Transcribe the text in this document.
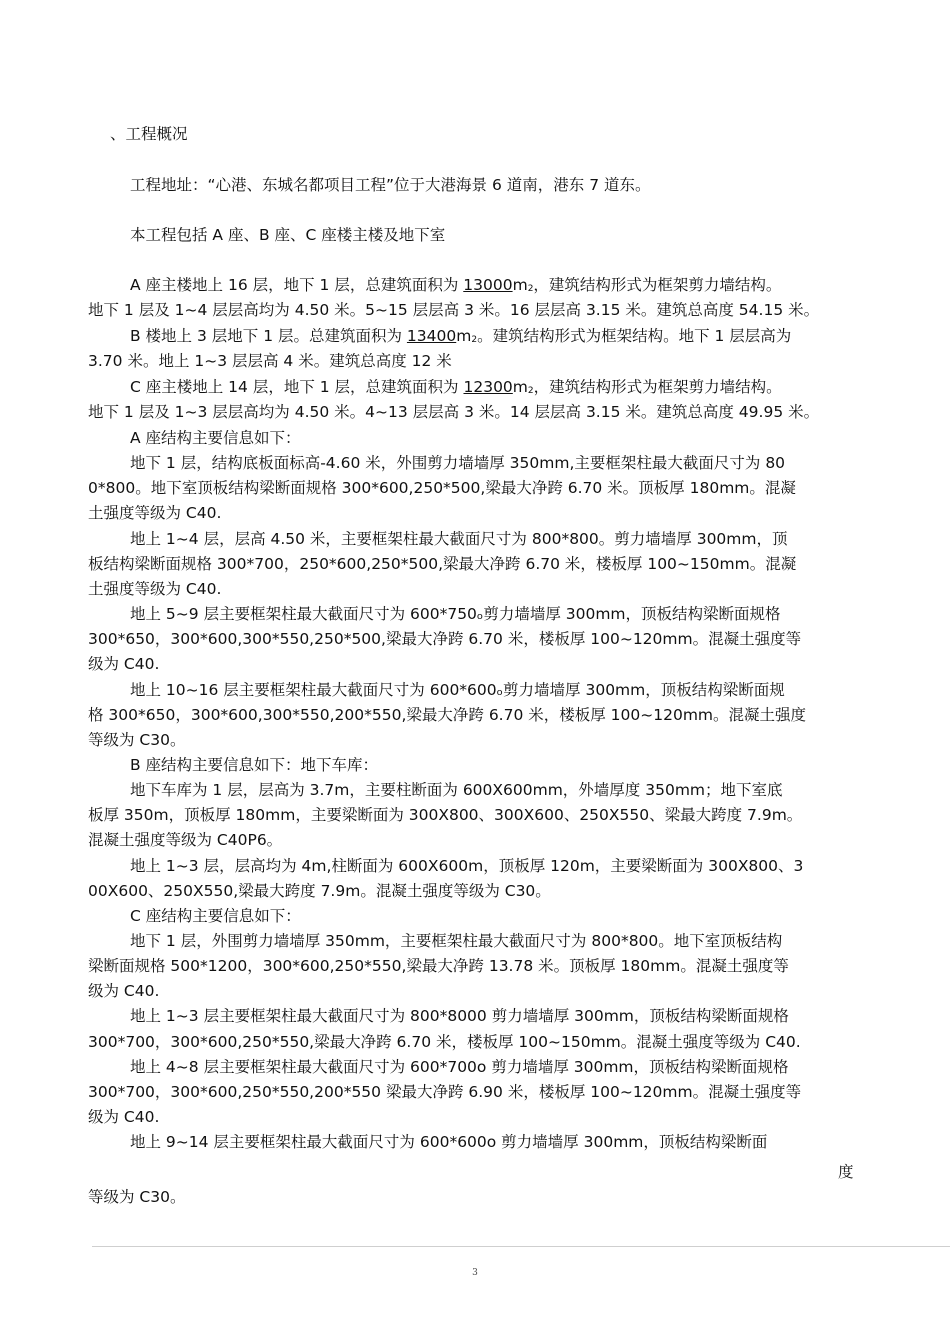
、工程概况
工程地址：“心港、东城名都项目工程”位于大港海景 6 道南，港东 7 道东。
本工程包括 A 座、B 座、C 座楼主楼及地下室
A 座主楼地上 16 层，地下 1 层，总建筑面积为 13000m2，建筑结构形式为框架剪力墙结构。
地下 1 层及 1~4 层层高均为 4.50 米。5~15 层层高 3 米。16 层层高 3.15 米。建筑总高度 54.15 米。
B 楼地上 3 层地下 1 层。总建筑面积为 13400m2。建筑结构形式为框架结构。地下 1 层层高为
3.70 米。地上 1~3 层层高 4 米。建筑总高度 12 米
C 座主楼地上 14 层，地下 1 层，总建筑面积为 12300m2，建筑结构形式为框架剪力墙结构。
地下 1 层及 1~3 层层高均为 4.50 米。4~13 层层高 3 米。14 层层高 3.15 米。建筑总高度 49.95 米。
A 座结构主要信息如下：
地下 1 层，结构底板面标高-4.60 米，外围剪力墙墙厚 350mm,主要框架柱最大截面尺寸为 80
0*800。地下室顶板结构梁断面规格 300*600,250*500,梁最大净跨 6.70 米。顶板厚 180mm。混凝
土强度等级为 C40.
地上 1~4 层，层高 4.50 米，主要框架柱最大截面尺寸为 800*800。剪力墙墙厚 300mm，顶
板结构梁断面规格 300*700，250*600,250*500,梁最大净跨 6.70 米，楼板厚 100~150mm。混凝
土强度等级为 C40.
地上 5~9 层主要框架柱最大截面尺寸为 600*750ₒ剪力墙墙厚 300mm，顶板结构梁断面规格
300*650，300*600,300*550,250*500,梁最大净跨 6.70 米，楼板厚 100~120mm。混凝土强度等
级为 C40.
地上 10~16 层主要框架柱最大截面尺寸为 600*600ₒ剪力墙墙厚 300mm，顶板结构梁断面规
格 300*650，300*600,300*550,200*550,梁最大净跨 6.70 米，楼板厚 100~120mm。混凝土强度
等级为 C30。
B 座结构主要信息如下：地下车库：
地下车库为 1 层，层高为 3.7m，主要柱断面为 600X600mm，外墙厚度 350mm；地下室底
板厚 350m，顶板厚 180mm，主要梁断面为 300X800、300X600、250X550、梁最大跨度 7.9m。
混凝土强度等级为 C40P6。
地上 1~3 层，层高均为 4m,柱断面为 600X600m，顶板厚 120m，主要梁断面为 300X800、3
00X600、250X550,梁最大跨度 7.9m。混凝土强度等级为 C30。
C 座结构主要信息如下：
地下 1 层，外围剪力墙墙厚 350mm，主要框架柱最大截面尺寸为 800*800。地下室顶板结构
梁断面规格 500*1200，300*600,250*550,梁最大净跨 13.78 米。顶板厚 180mm。混凝土强度等
级为 C40.
地上 1~3 层主要框架柱最大截面尺寸为 800*8000 剪力墙墙厚 300mm，顶板结构梁断面规格
300*700，300*600,250*550,梁最大净跨 6.70 米，楼板厚 100~150mm。混凝土强度等级为 C40.
地上 4~8 层主要框架柱最大截面尺寸为 600*700o 剪力墙墙厚 300mm，顶板结构梁断面规格
300*700，300*600,250*550,200*550 梁最大净跨 6.90 米，楼板厚 100~120mm。混凝土强度等
级为 C40.
地上 9~14 层主要框架柱最大截面尺寸为 600*600o 剪力墙墙厚 300mm，顶板结构梁断面
度
等级为 C30。
3
